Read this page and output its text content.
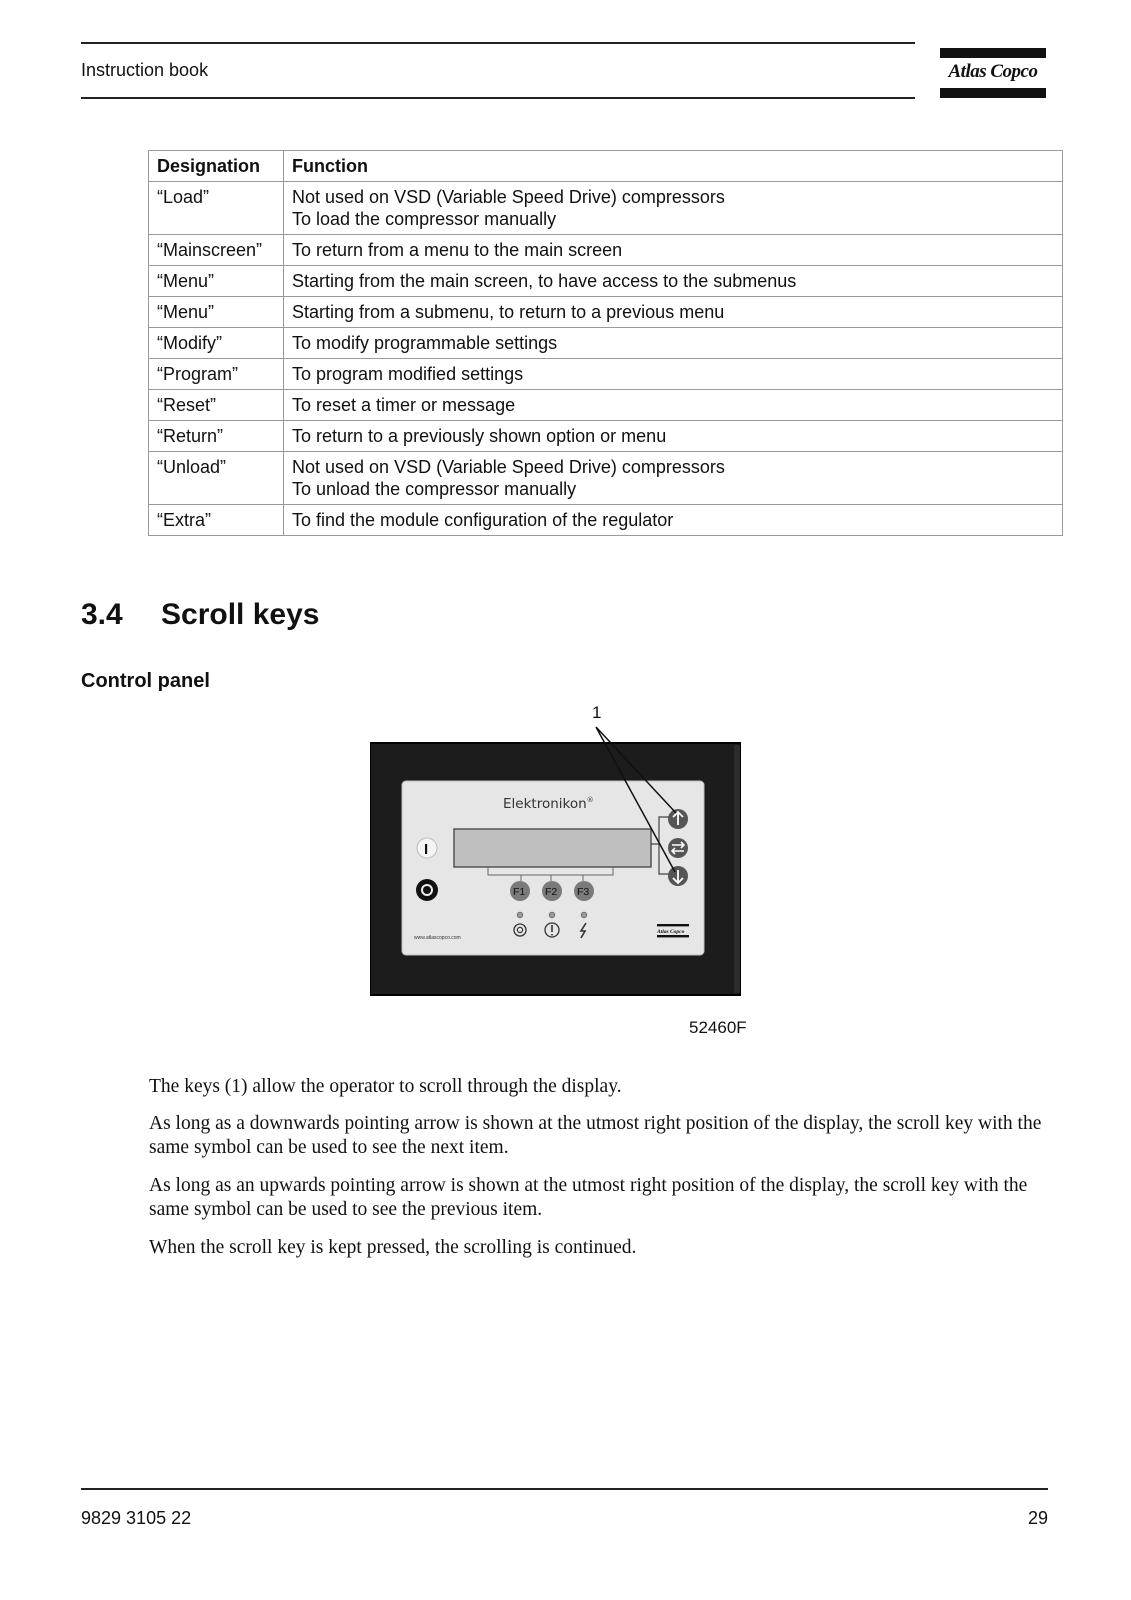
Instruction book	Atlas Copco
Designation	Function
“Load”	Not used on VSD (Variable Speed Drive) compressors
To load the compressor manually

“Mainscreen”	To return from a menu to the main screen
“Menu”	Starting from the main screen, to have access to the submenus
“Menu”	Starting from a submenu, to return to a previous menu
“Modify”	To modify programmable settings
“Program”	To program modified settings
“Reset”	To reset a timer or message
“Return”	To return to a previously shown option or menu
“Unload”	Not used on VSD (Variable Speed Drive) compressors
To unload the compressor manually

“Extra”	To find the module configuration of the regulator
3.4 Scroll keys
Control panel
1
Elektronikon®
I
F1 F2 F3
www.atlascopco.com
Atlas Copco
52460F

The keys (1) allow the operator to scroll through the display.

As long as a downwards pointing arrow is shown at the utmost right position of the display, the scroll key with the same symbol can be used to see the next item.

As long as an upwards pointing arrow is shown at the utmost right position of the display, the scroll key with the same symbol can be used to see the previous item.

When the scroll key is kept pressed, the scrolling is continued.

9829 3105 22	29
